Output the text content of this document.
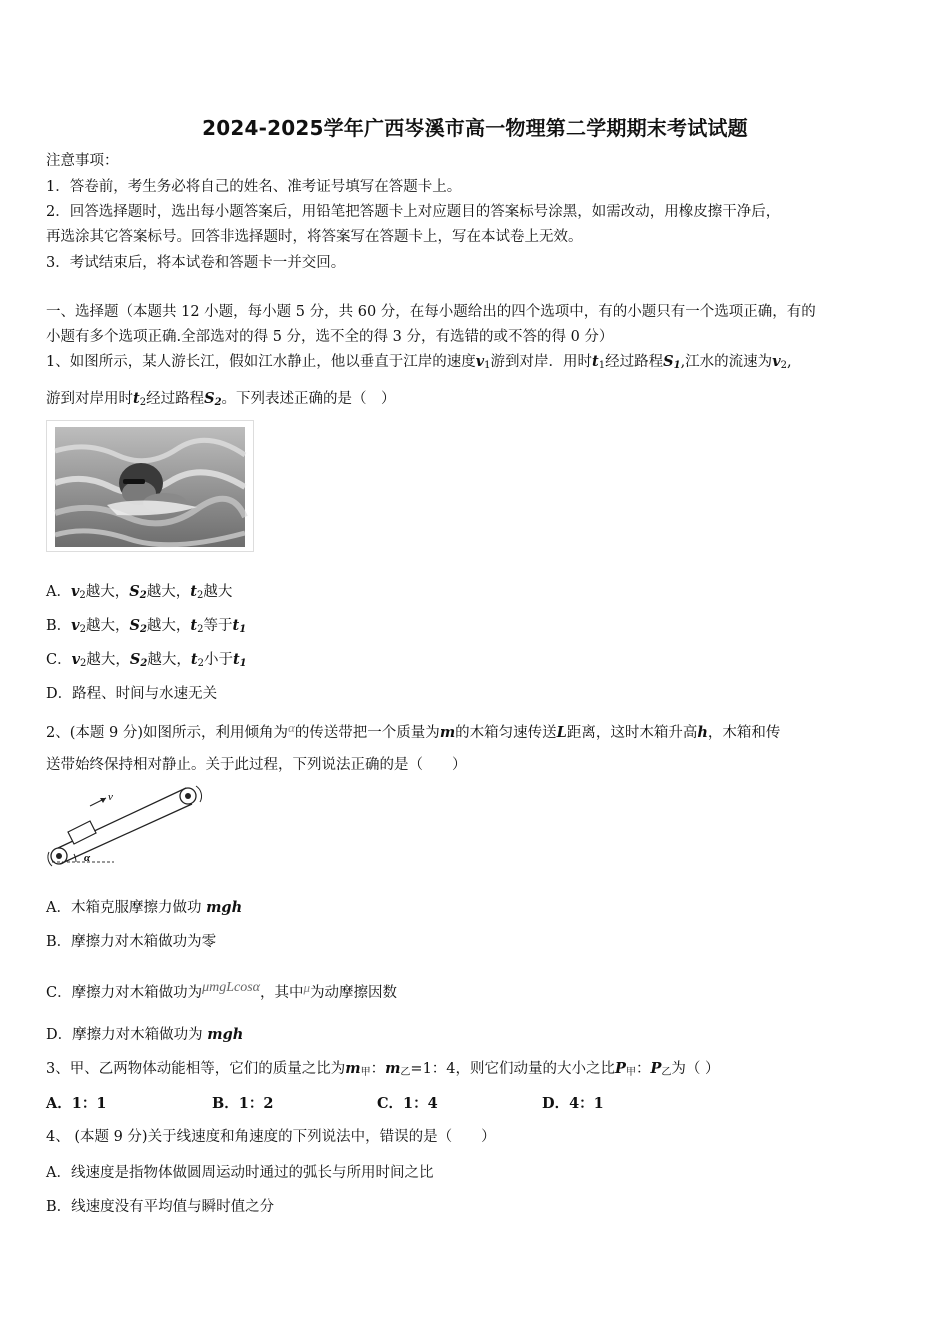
2024-2025学年广西岑溪市高一物理第二学期期末考试试题
注意事项：
1．答卷前，考生务必将自己的姓名、准考证号填写在答题卡上。
2．回答选择题时，选出每小题答案后，用铅笔把答题卡上对应题目的答案标号涂黑，如需改动，用橡皮擦干净后，
再选涂其它答案标号。回答非选择题时，将答案写在答题卡上，写在本试卷上无效。
3．考试结束后，将本试卷和答题卡一并交回。
一、选择题（本题共 12 小题，每小题 5 分，共 60 分，在每小题给出的四个选项中，有的小题只有一个选项正确，有的
小题有多个选项正确.全部选对的得 5 分，选不全的得 3 分，有选错的或不答的得 0 分）
1、如图所示，某人游长江，假如江水静止，他以垂直于江岸的速度$v_1$游到对岸．用时$t_1$经过路程$S_1$,江水的流速为$v_2$,
游到对岸用时$t_2$经过路程$S_2$。下列表述正确的是（　）
A．$v_2$越大，$S_2$越大，$t_2$越大
B．$v_2$越大，$S_2$越大，$t_2$等于$t_1$
C．$v_2$越大，$S_2$越大，$t_2$小于$t_1$
D．路程、时间与水速无关
2、(本题 9 分)如图所示，利用倾角为α的传送带把一个质量为m的木箱匀速传送L距离，这时木箱升高h，木箱和传
送带始终保持相对静止。关于此过程，下列说法正确的是（　　）
v
α
A．木箱克服摩擦力做功 mgh
B．摩擦力对木箱做功为零
C．摩擦力对木箱做功为μmgLcosα，其中μ为动摩擦因数
D．摩擦力对木箱做功为 mgh
3、甲、乙两物体动能相等，它们的质量之比为$m_甲$：$m_乙=1$：4，则它们动量的大小之比$P_甲$：$P_乙$为（ ）
A．1：1	B．1：2	C．1：4	D．4：1
4、 (本题 9 分)关于线速度和角速度的下列说法中，错误的是（　　）
A．线速度是指物体做圆周运动时通过的弧长与所用时间之比
B．线速度没有平均值与瞬时值之分
